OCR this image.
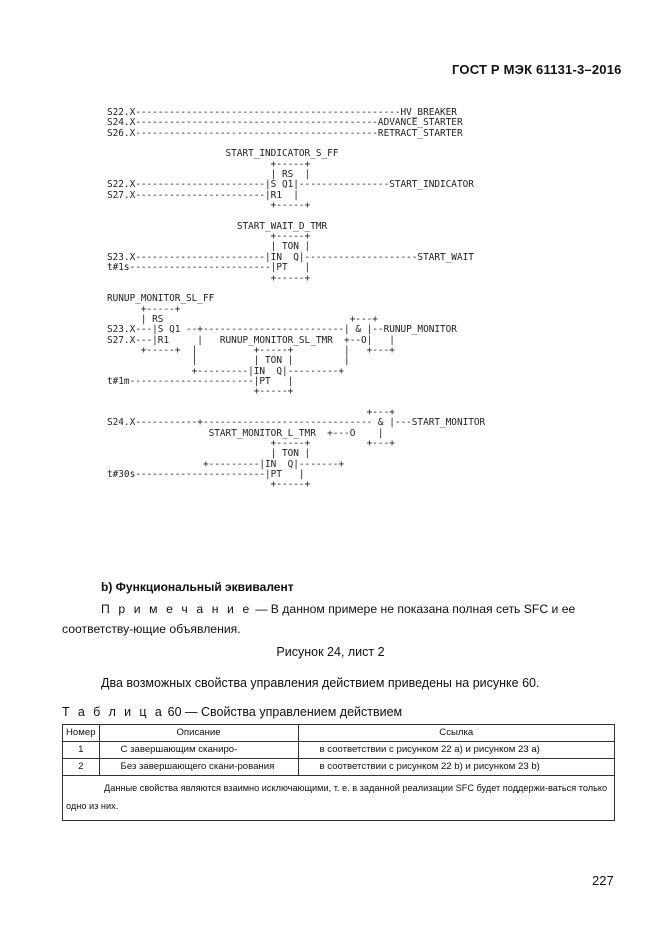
ГОСТ Р МЭК 61131-3–2016
S22.X-----------------------------------------------HV_BREAKER
S24.X-------------------------------------------ADVANCE_STARTER
S26.X-------------------------------------------RETRACT_STARTER

START_INDICATOR_S_FF
+-----+
| RS  |
S22.X-----------------------|S Q1|----------------START_INDICATOR
S27.X-----------------------|R1  |
+-----+

START_WAIT_D_TMR
+-----+
| TON |
S23.X-----------------------|IN  Q|--------------------START_WAIT
t#1s-------------------------|PT   |
+-----+

RUNUP_MONITOR_SL_FF
+-----+
| RS                                 +---+
S23.X---|S Q1 --+-------------------------| & |--RUNUP_MONITOR
S27.X---|R1     |   RUNUP_MONITOR_SL_TMR  +--O|   |
+-----+  |          +-----+         |   +---+
|          | TON |         |
+---------|IN  Q|---------+
t#1m----------------------|PT   |
+-----+

+---+
S24.X-----------+------------------------------ & |---START_MONITOR
START_MONITOR_L_TMR  +---O    |
+-----+          +---+
| TON |
+---------|IN  Q|-------+
t#30s-----------------------|PT   |
+-----+

b) Функциональный эквивалент
П р и м е ч а н и е — В данном примере не показана полная сеть SFC и ее соответству-ющие объявления.
Рисунок 24, лист 2
Два возможных свойства управления действием приведены на рисунке 60.
Т а б л и ц а 60 — Свойства управлением действием
Номер	Описание	Ссылка
1	С завершающим сканиро-	в соответствии с рисунком 22 a) и рисунком 23 a)

2	Без завершающего скани-рования	в соответствии с рисунком 22 b) и рисунком 23 b)

Данные свойства являются взаимно исключающими, т. е. в заданной реализации SFC будет поддержи-ваться только одно из них.		
227
